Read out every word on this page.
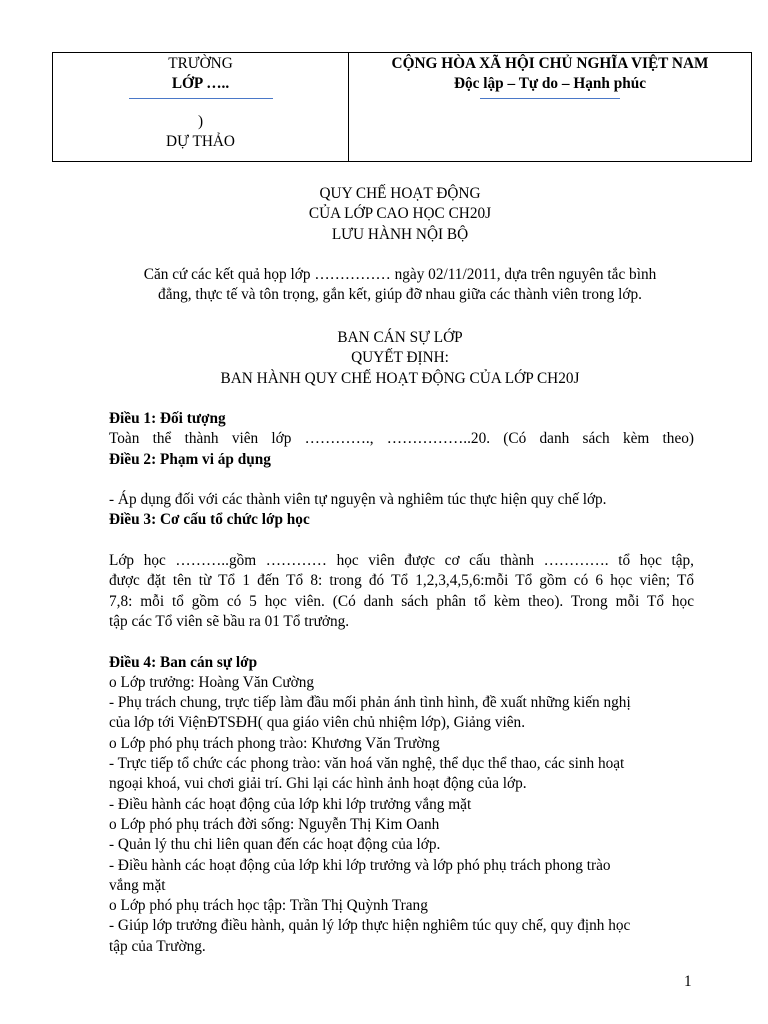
TRƯỜNG
LỚP …..
)
DỰ THẢO
CỘNG HÒA XÃ HỘI CHỦ NGHĨA VIỆT NAM
Độc lập – Tự do – Hạnh phúc
QUY CHẾ HOẠT ĐỘNG
CỦA LỚP CAO HỌC CH20J
LƯU HÀNH NỘI BỘ
Căn cứ các kết quả họp lớp …………… ngày 02/11/2011, dựa trên nguyên tắc bình
đẳng, thực tế và tôn trọng, gắn kết, giúp đỡ nhau giữa các thành viên trong lớp.
BAN CÁN SỰ LỚP
QUYẾT ĐỊNH:
BAN HÀNH QUY CHẾ HOẠT ĐỘNG CỦA LỚP CH20J

Điều 1: Đối tượng

Toàn thể thành viên lớp …………., ……………..20. (Có danh sách kèm theo)

Điều 2: Phạm vi áp dụng

- Áp dụng đối với các thành viên tự nguyện và nghiêm túc thực hiện quy chế lớp.

Điều 3: Cơ cấu tổ chức lớp học

Lớp học ………..gồm ………… học viên được cơ cấu thành …………. tổ học tập,

được đặt tên từ Tổ 1 đến Tổ 8: trong đó Tổ 1,2,3,4,5,6:mỗi Tổ gồm có 6 học viên; Tổ

7,8: mỗi tổ gồm có 5 học viên. (Có danh sách phân tổ kèm theo). Trong mỗi Tổ học

tập các Tổ viên sẽ bầu ra 01 Tổ trưởng.

Điều 4: Ban cán sự lớp

o Lớp trưởng: Hoàng Văn Cường

- Phụ trách chung, trực tiếp làm đầu mối phản ánh tình hình, đề xuất những kiến nghị

của lớp tới ViệnĐTSĐH( qua giáo viên chủ nhiệm lớp), Giảng viên.

o Lớp phó phụ trách phong trào: Khương Văn Trường

- Trực tiếp tổ chức các phong trào: văn hoá văn nghệ, thể dục thể thao, các sinh hoạt

ngoại khoá, vui chơi giải trí. Ghi lại các hình ảnh hoạt động của lớp.

- Điều hành các hoạt động của lớp khi lớp trưởng vắng mặt

o Lớp phó phụ trách đời sống: Nguyễn Thị Kim Oanh

- Quản lý thu chi liên quan đến các hoạt động của lớp.

- Điều hành các hoạt động của lớp khi lớp trưởng và lớp phó phụ trách phong trào

vắng mặt

o Lớp phó phụ trách học tập: Trần Thị Quỳnh Trang

- Giúp lớp trưởng điều hành, quản lý lớp thực hiện nghiêm túc quy chế, quy định học

tập của Trường.

1
